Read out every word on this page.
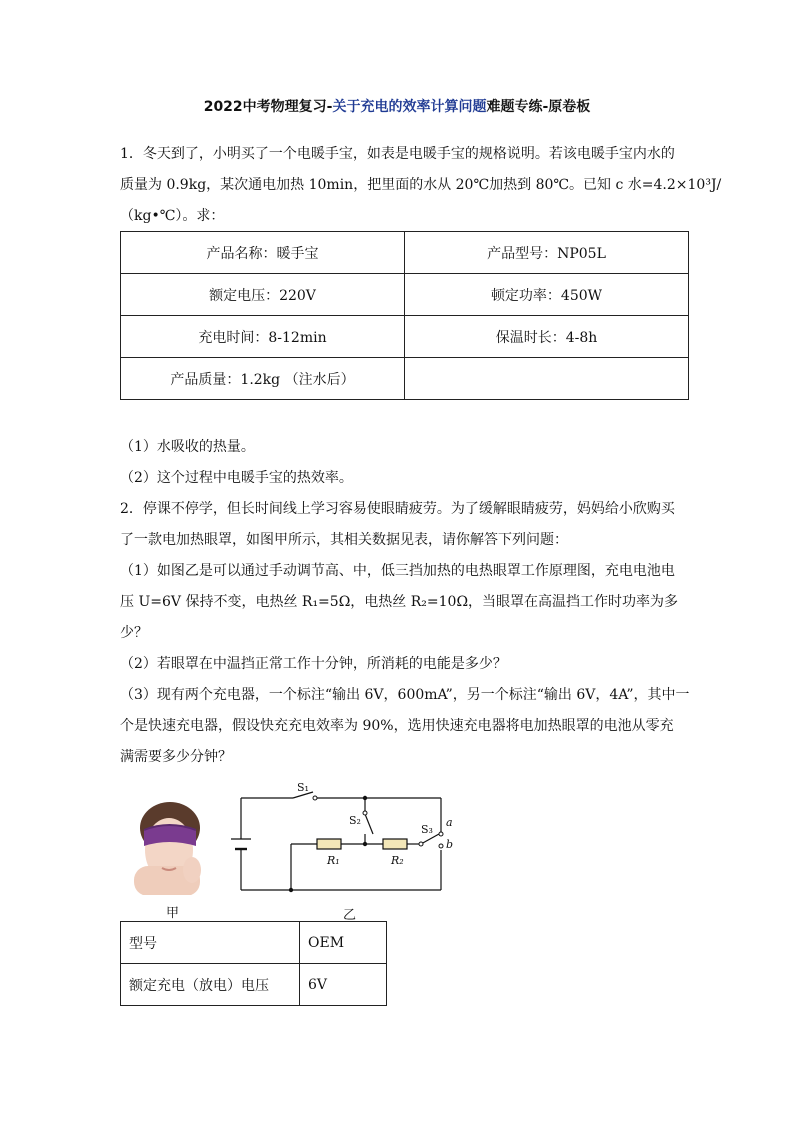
2022中考物理复习-关于充电的效率计算问题难题专练-原卷板
1．冬天到了，小明买了一个电暖手宝，如表是电暖手宝的规格说明。若该电暖手宝内水的
质量为 0.9kg，某次通电加热 10min，把里面的水从 20℃加热到 80℃。已知 c 水=4.2×10³J/
（kg•℃）。求：
产品名称：暖手宝	产品型号：NP05L
额定电压：220V	顿定功率：450W
充电时间：8-12min	保温时长：4-8h
产品质量：1.2kg （注水后）	
（1）水吸收的热量。
（2）这个过程中电暖手宝的热效率。
2．停课不停学，但长时间线上学习容易使眼睛疲劳。为了缓解眼睛疲劳，妈妈给小欣购买
了一款电加热眼罩，如图甲所示，其相关数据见表，请你解答下列问题：
（1）如图乙是可以通过手动调节高、中，低三挡加热的电热眼罩工作原理图，充电电池电
压 U=6V 保持不变，电热丝 R₁=5Ω，电热丝 R₂=10Ω，当眼罩在高温挡工作时功率为多
少？
（2）若眼罩在中温挡正常工作十分钟，所消耗的电能是多少？
（3）现有两个充电器，一个标注“输出 6V，600mA”，另一个标注“输出 6V，4A”，其中一
个是快速充电器，假设快充充电效率为 90%，选用快速充电器将电加热眼罩的电池从零充
满需要多少分钟？
S₁
S₂
S₃
R₁	R₂
a
b
甲	乙
型号	OEM
额定充电（放电）电压	6V
